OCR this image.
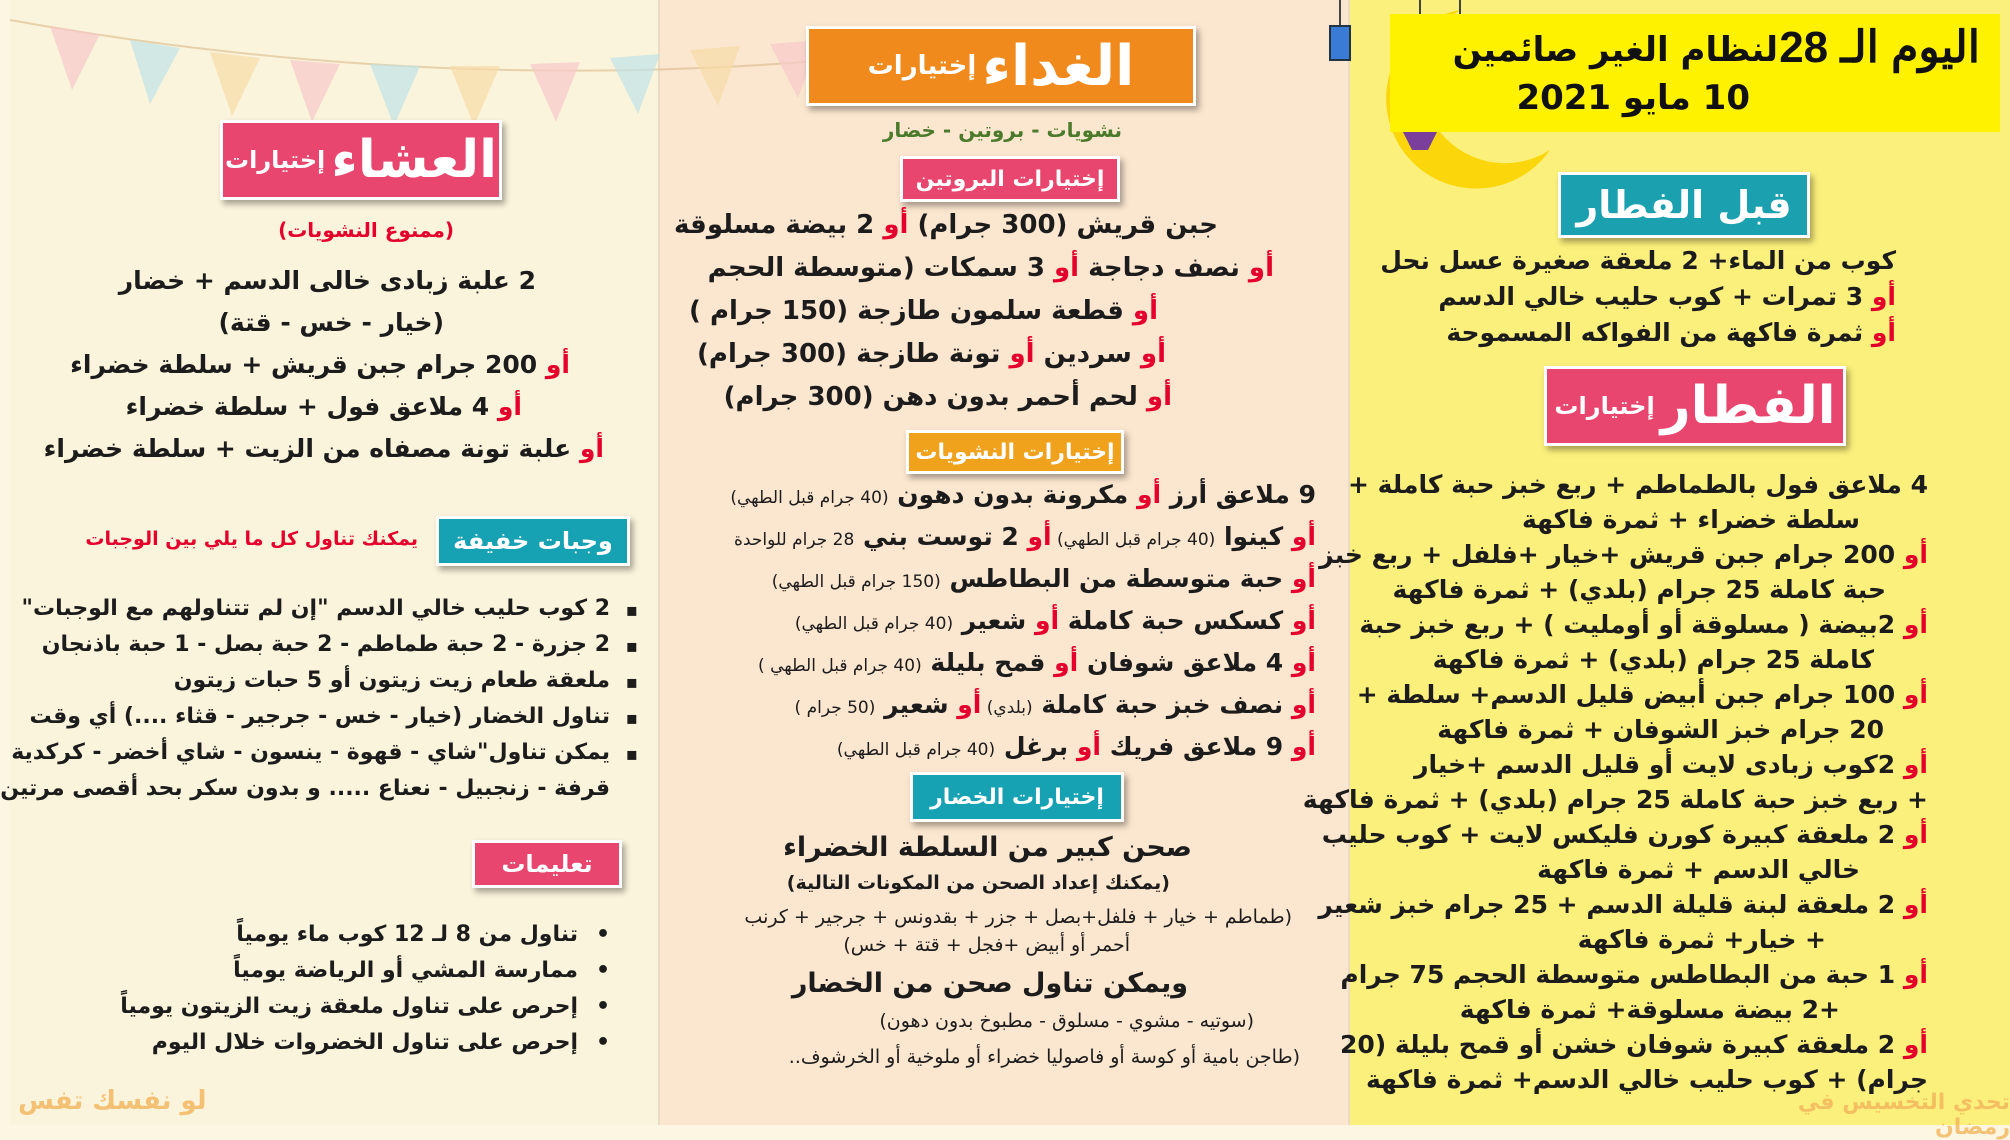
اليوم الـ 28
لنظام الغير صائمين
10 مايو 2021
قبل الفطار
كوب من الماء+ 2 ملعقة صغيرة عسل نحل
أو 3 تمرات + كوب حليب خالي الدسم
أو ثمرة فاكهة من الفواكه المسموحة
الفطار
إختيارات
4 ملاعق فول بالطماطم + ربع خبز حبة كاملة +
سلطة خضراء + ثمرة فاكهة
أو 200 جرام جبن قريش +خيار +فلفل + ربع خبز
حبة كاملة 25 جرام (بلدي) + ثمرة فاكهة
أو 2بيضة ( مسلوقة أو أومليت ) + ربع خبز حبة
كاملة 25 جرام (بلدي) + ثمرة فاكهة
أو 100 جرام جبن أبيض قليل الدسم+ سلطة +
20 جرام خبز الشوفان + ثمرة فاكهة
أو 2كوب زبادى لايت أو قليل الدسم +خيار
+ ربع خبز حبة كاملة 25 جرام (بلدي) + ثمرة فاكهة
أو 2 ملعقة كبيرة كورن فليكس لايت + كوب حليب
خالي الدسم + ثمرة فاكهة
أو 2 ملعقة لبنة قليلة الدسم + 25 جرام خبز شعير
+ خيار+ ثمرة فاكهة
أو 1 حبة من البطاطس متوسطة الحجم 75 جرام
+2 بيضة مسلوقة+ ثمرة فاكهة
أو 2 ملعقة كبيرة شوفان خشن أو قمح بليلة (20
جرام) + كوب حليب خالي الدسم+ ثمرة فاكهة
تحدي التخسيس في رمضان
الغداء
إختيارات
نشويات - بروتين - خضار
إختيارات البروتين
جبن قريش (300 جرام) أو 2 بيضة مسلوقة
أو نصف دجاجة أو 3 سمكات (متوسطة الحجم
أو قطعة سلمون طازجة (150 جرام )
أو سردين أو تونة طازجة (300 جرام)
أو لحم أحمر بدون دهن (300 جرام)
إختيارات النشويات
9 ملاعق أرز أو مكرونة بدون دهون (40 جرام قبل الطهي)
أو كينوا (40 جرام قبل الطهي) أو 2 توست بني 28 جرام للواحدة
أو حبة متوسطة من البطاطس (150 جرام قبل الطهي)
أو كسكس حبة كاملة أو شعير (40 جرام قبل الطهي)
أو 4 ملاعق شوفان أو قمح بليلة (40 جرام قبل الطهي )
أو نصف خبز حبة كاملة (بلدي) أو شعير (50 جرام )
أو 9 ملاعق فريك أو برغل (40 جرام قبل الطهي)
إختيارات الخضار
صحن كبير من السلطة الخضراء
(يمكنك إعداد الصحن من المكونات التالية)
(طماطم + خيار + فلفل+بصل + جزر + بقدونس + جرجير + كرنب
أحمر أو أبيض +فجل + قتة + خس)
ويمكن تناول صحن من الخضار
(سوتيه - مشوي - مسلوق - مطبوخ بدون دهون)
(طاجن بامية أو كوسة أو فاصوليا خضراء أو ملوخية أو الخرشوف..
العشاء
إختيارات
(ممنوع النشويات)
2 علبة زبادى خالى الدسم + خضار
(خيار - خس - قتة)
أو 200 جرام جبن قريش + سلطة خضراء
أو 4 ملاعق فول + سلطة خضراء
أو علبة تونة مصفاه من الزيت + سلطة خضراء
وجبات خفيفة
يمكنك تناول كل ما يلي بين الوجبات
▪ 2 كوب حليب خالي الدسم "إن لم تتناولهم مع الوجبات"
▪ 2 جزرة - 2 حبة طماطم - 2 حبة بصل - 1 حبة باذنجان
▪ ملعقة طعام زيت زيتون أو 5 حبات زيتون
▪ تناول الخضار (خيار - خس - جرجير - قثاء ....) أي وقت
▪ يمكن تناول"شاي - قهوة - ينسون - شاي أخضر - كركدية
قرفة - زنجبيل - نعناع ..... و بدون سكر بحد أقصى مرتين
تعليمات
• تناول من 8 لـ 12 كوب ماء يومياً
• ممارسة المشي أو الرياضة يومياً
• إحرص على تناول ملعقة زيت الزيتون يومياً
• إحرص على تناول الخضروات خلال اليوم
لو نفسك تفس
